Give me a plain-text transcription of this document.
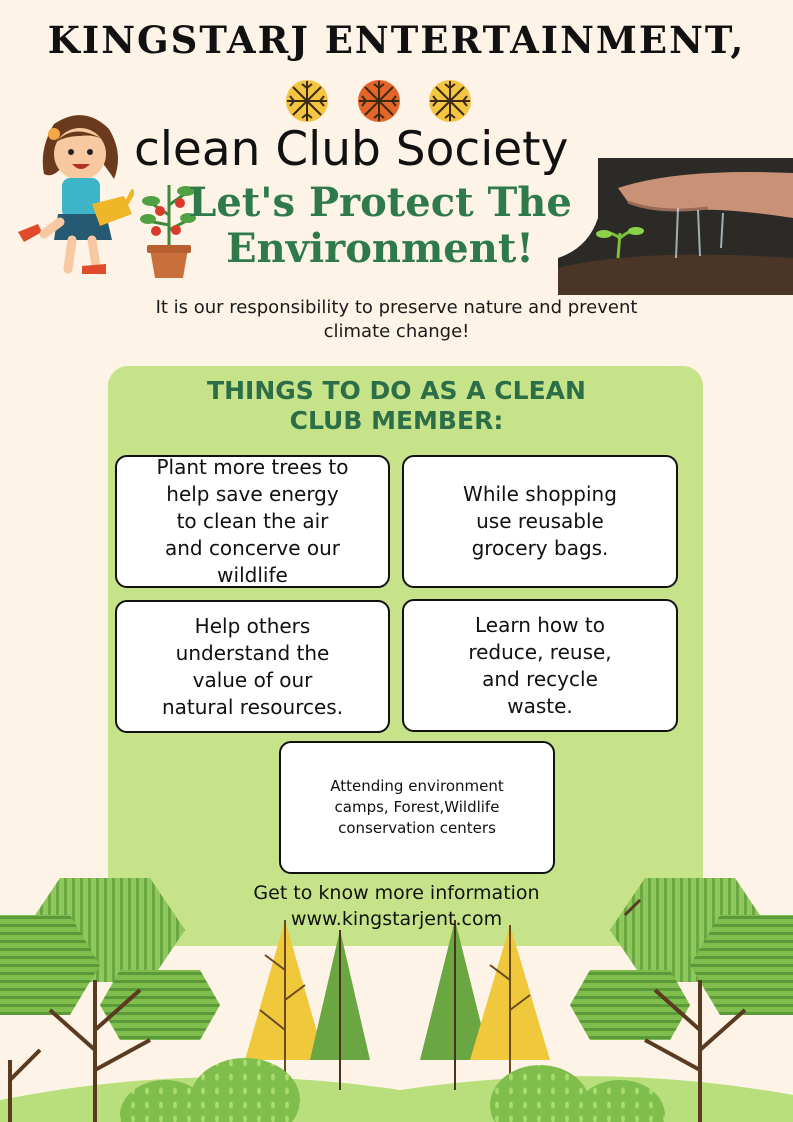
KINGSTARJ ENTERTAINMENT,
clean Club Society
Let's Protect The
Environment!
It is our responsibility to preserve nature and prevent
climate change!
THINGS TO DO AS A CLEAN
CLUB MEMBER:
Plant more trees to
help save energy
to clean the air
and concerve our
wildlife
While shopping
use reusable
grocery bags.
Help others
understand the
value of our
natural resources.
Learn how to
reduce, reuse,
and recycle
waste.
Attending environment
camps, Forest,Wildlife
conservation centers
Get to know more information
www.kingstarjent.com
